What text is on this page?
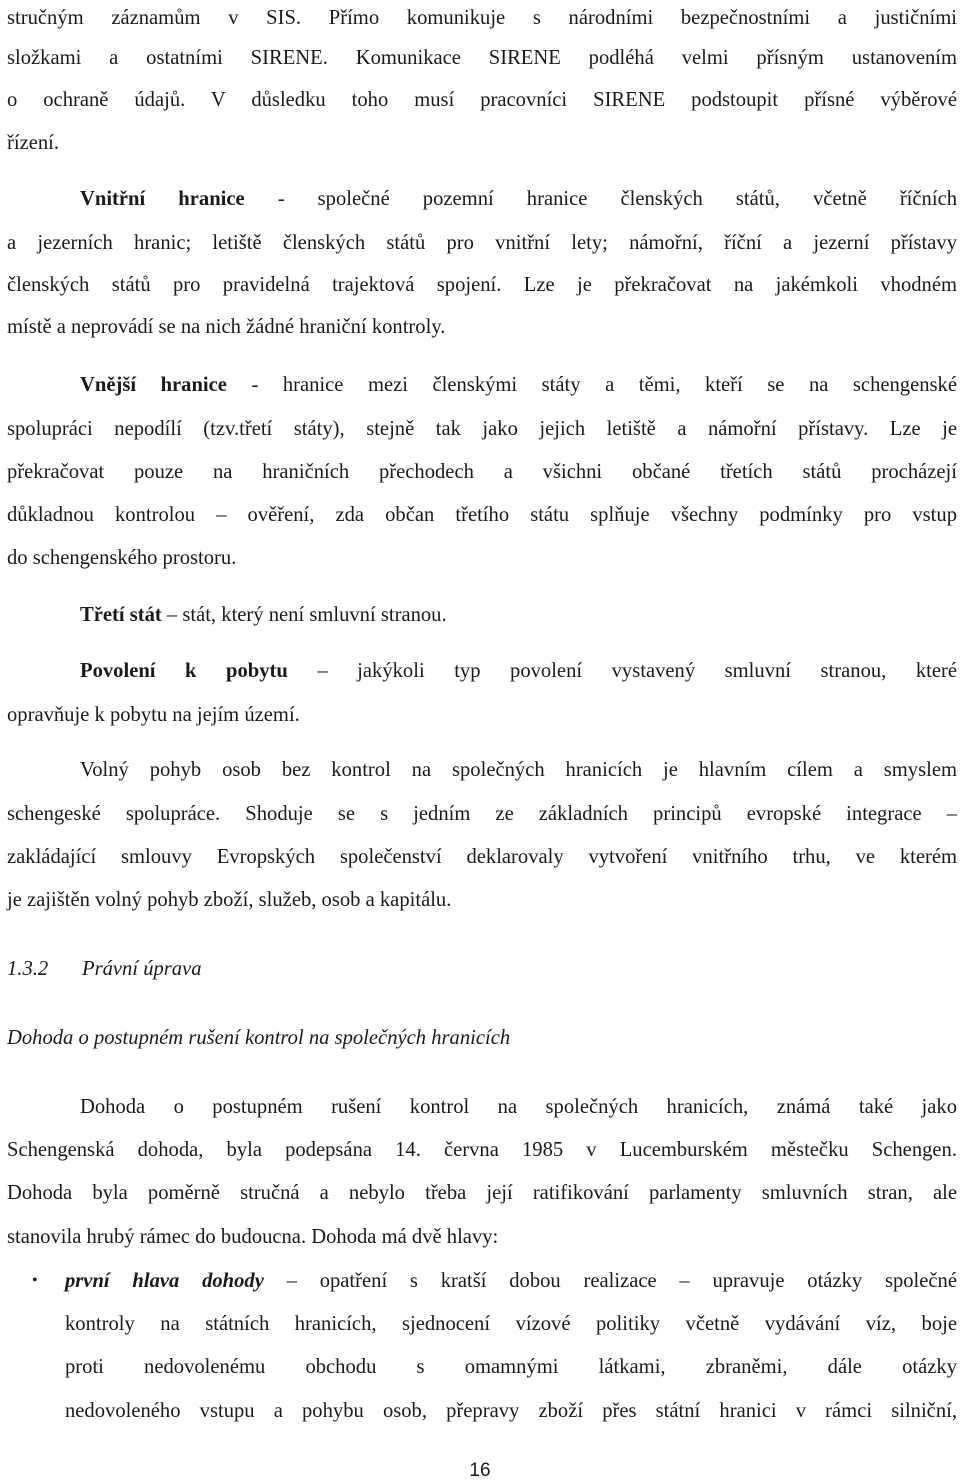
stručným záznamům v SIS. Přímo komunikuje s národními bezpečnostními a justičními
složkami a ostatními SIRENE. Komunikace SIRENE podléhá velmi přísným ustanovením
o ochraně údajů. V důsledku toho musí pracovníci SIRENE podstoupit přísné výběrové
řízení.
Vnitřní hranice - společné pozemní hranice členských států, včetně říčních
a jezerních hranic; letiště členských států pro vnitřní lety; námořní, říční a jezerní přístavy
členských států pro pravidelná trajektová spojení. Lze je překračovat na jakémkoli vhodném
místě a neprovádí se na nich žádné hraniční kontroly.
Vnější hranice - hranice mezi členskými státy a těmi, kteří se na schengenské
spolupráci nepodílí (tzv.třetí státy), stejně tak jako jejich letiště a námořní přístavy. Lze je
překračovat pouze na hraničních přechodech a všichni občané třetích států procházejí
důkladnou kontrolou – ověření, zda občan třetího státu splňuje všechny podmínky pro vstup
do schengenského prostoru.
Třetí stát – stát, který není smluvní stranou.
Povolení k pobytu – jakýkoli typ povolení vystavený smluvní stranou, které
opravňuje k pobytu na jejím území.
Volný pohyb osob bez kontrol na společných hranicích je hlavním cílem a smyslem
schengeské spolupráce. Shoduje se s jedním ze základních principů evropské integrace –
zakládající smlouvy Evropských společenství deklarovaly vytvoření vnitřního trhu, ve kterém
je zajištěn volný pohyb zboží, služeb, osob a kapitálu.
1.3.2 Právní úprava
Dohoda o postupném rušení kontrol na společných hranicích
Dohoda o postupném rušení kontrol na společných hranicích, známá také jako
Schengenská dohoda, byla podepsána 14. června 1985 v Lucemburském městečku Schengen.
Dohoda byla poměrně stručná a nebylo třeba její ratifikování parlamenty smluvních stran, ale
stanovila hrubý rámec do budoucna. Dohoda má dvě hlavy:
• první hlava dohody – opatření s kratší dobou realizace – upravuje otázky společné
kontroly na státních hranicích, sjednocení vízové politiky včetně vydávání víz, boje
proti nedovolenému obchodu s omamnými látkami, zbraněmi, dále otázky
nedovoleného vstupu a pohybu osob, přepravy zboží přes státní hranici v rámci silniční,
16
